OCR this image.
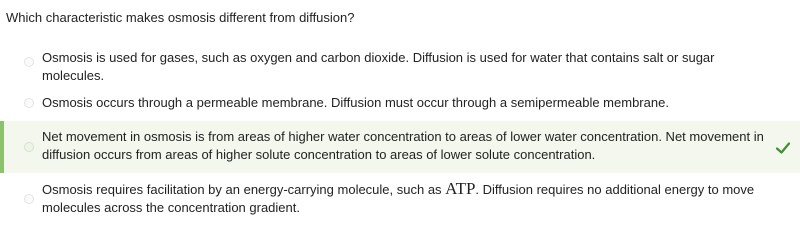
Which characteristic makes osmosis different from diffusion?
Osmosis is used for gases, such as oxygen and carbon dioxide. Diffusion is used for water that contains salt or sugar molecules.
Osmosis occurs through a permeable membrane. Diffusion must occur through a semipermeable membrane.
Net movement in osmosis is from areas of higher water concentration to areas of lower water concentration. Net movement in diffusion occurs from areas of higher solute concentration to areas of lower solute concentration.
Osmosis requires facilitation by an energy-carrying molecule, such as ATP. Diffusion requires no additional energy to move molecules across the concentration gradient.
